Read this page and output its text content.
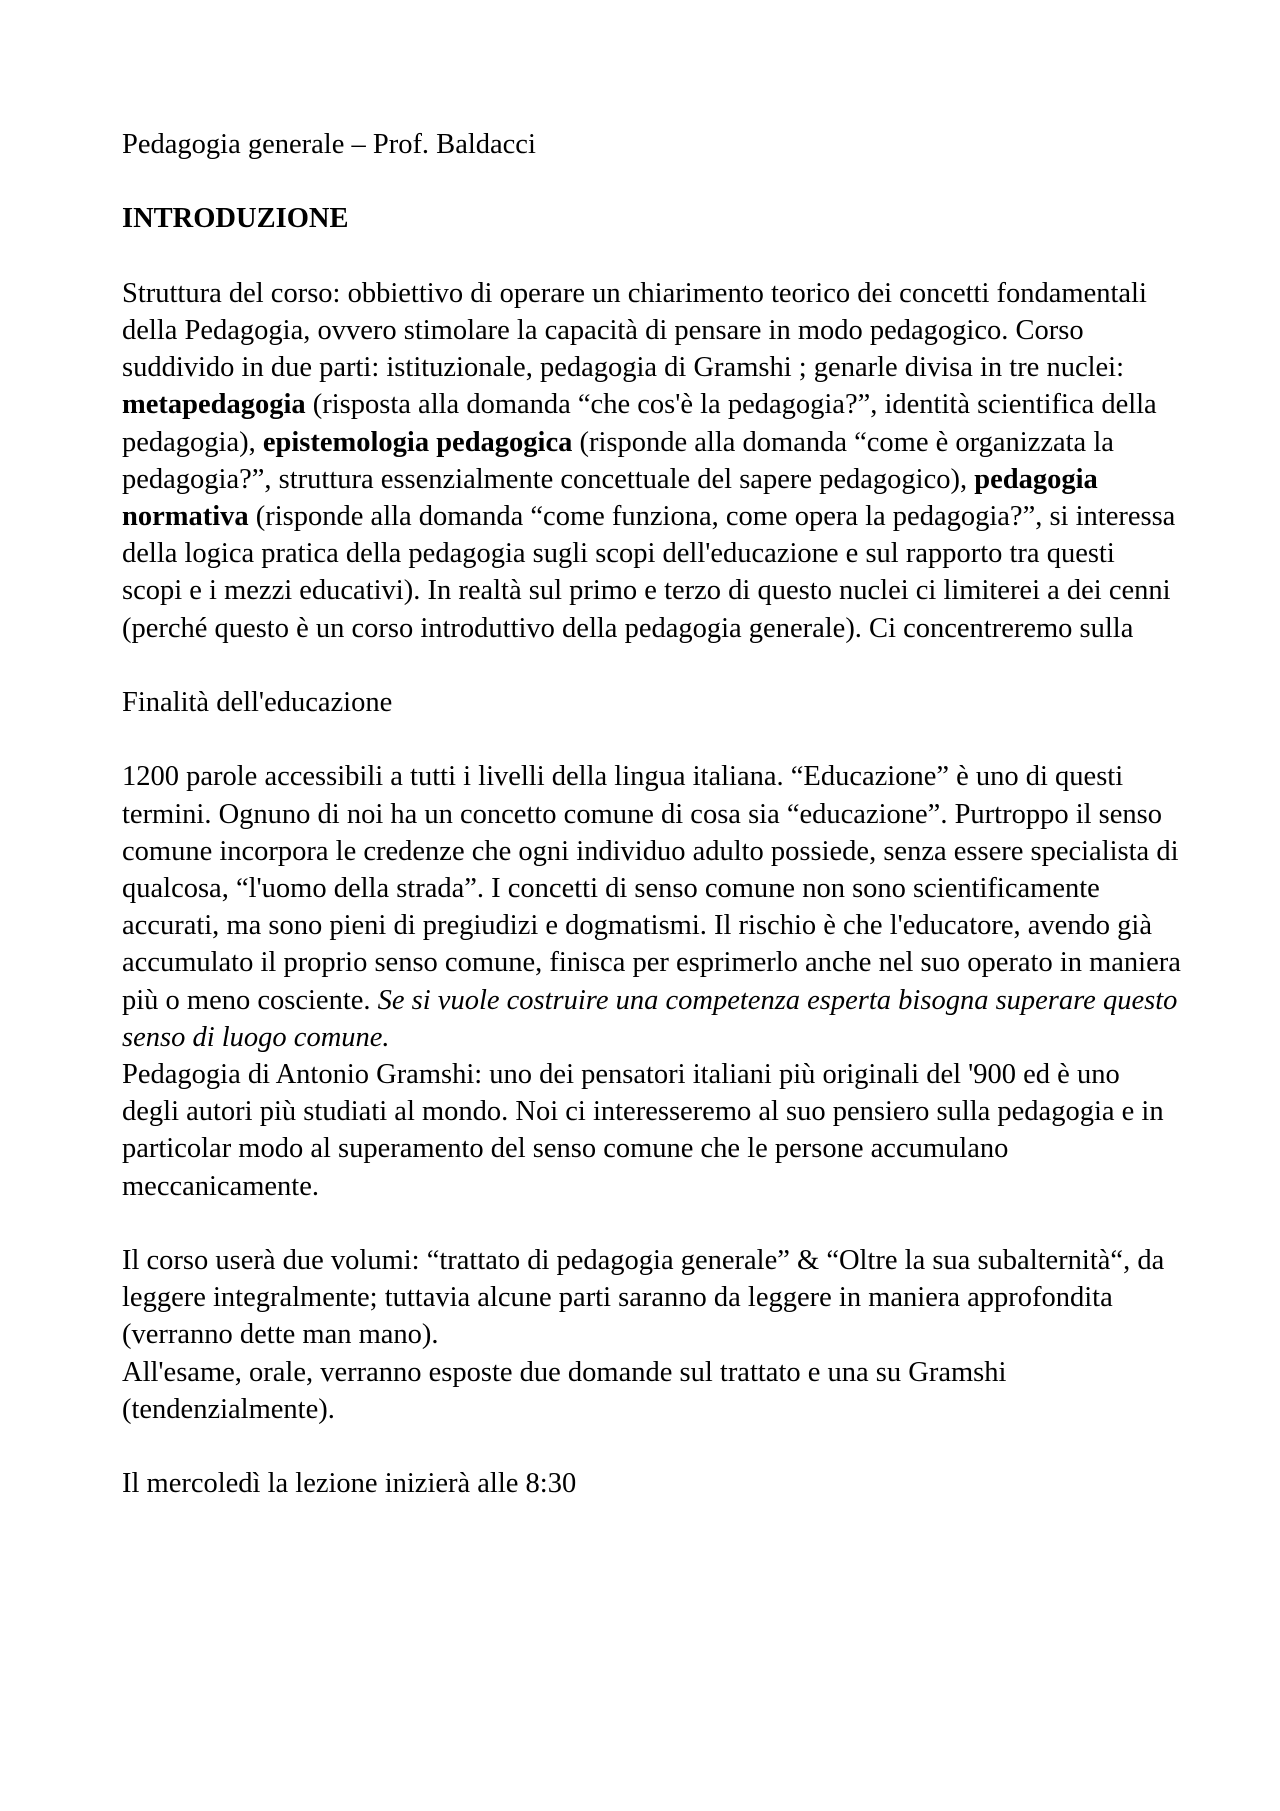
Pedagogia generale – Prof. Baldacci

INTRODUZIONE

Struttura del corso: obbiettivo di operare un chiarimento teorico dei concetti fondamentali della Pedagogia, ovvero stimolare la capacità di pensare in modo pedagogico. Corso suddivido in due parti: istituzionale, pedagogia di Gramshi ; genarle divisa in tre nuclei: metapedagogia (risposta alla domanda “che cos'è la pedagogia?”, identità scientifica della pedagogia), epistemologia pedagogica (risponde alla domanda “come è organizzata la pedagogia?”, struttura essenzialmente concettuale del sapere pedagogico), pedagogia normativa (risponde alla domanda “come funziona, come opera la pedagogia?”, si interessa della logica pratica della pedagogia sugli scopi dell'educazione e sul rapporto tra questi scopi e i mezzi educativi). In realtà sul primo e terzo di questo nuclei ci limiterei a dei cenni (perché questo è un corso introduttivo della pedagogia generale). Ci concentreremo sulla

Finalità dell'educazione

1200 parole accessibili a tutti i livelli della lingua italiana. “Educazione” è uno di questi termini. Ognuno di noi ha un concetto comune di cosa sia “educazione”. Purtroppo il senso comune incorpora le credenze che ogni individuo adulto possiede, senza essere specialista di qualcosa, “l'uomo della strada”. I concetti di senso comune non sono scientificamente accurati, ma sono pieni di pregiudizi e dogmatismi. Il rischio è che l'educatore, avendo già accumulato il proprio senso comune, finisca per esprimerlo anche nel suo operato in maniera più o meno cosciente. Se si vuole costruire una competenza esperta bisogna superare questo senso di luogo comune.

Pedagogia di Antonio Gramshi: uno dei pensatori italiani più originali del '900 ed è uno degli autori più studiati al mondo. Noi ci interesseremo al suo pensiero sulla pedagogia e in particolar modo al superamento del senso comune che le persone accumulano meccanicamente.

Il corso userà due volumi: “trattato di pedagogia generale” & “Oltre la sua subalternità“, da leggere integralmente; tuttavia alcune parti saranno da leggere in maniera approfondita (verranno dette man mano).

All'esame, orale, verranno esposte due domande sul trattato e una su Gramshi (tendenzialmente).

Il mercoledì la lezione inizierà alle 8:30
